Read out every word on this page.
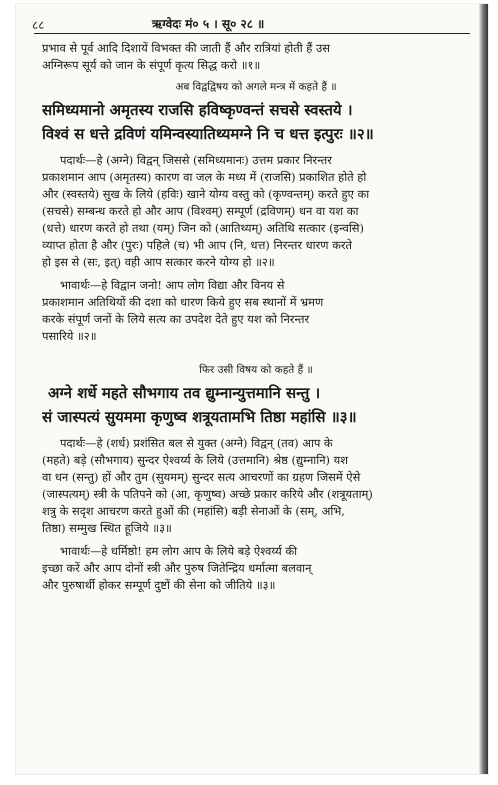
८८	ऋग्वेदः मं० ५ । सू० २८ ॥
प्रभाव से पूर्व आदि दिशायें विभक्त की जाती हैं और रात्रियां होती हैं उस
अग्निरूप सूर्य को जान के संपूर्ण कृत्य सिद्ध करो ॥१॥
अब विद्वद्विषय को अगले मन्त्र में कहते हैं ॥
समिध्यमानो अमृतस्य राजसि हविष्कृण्वन्तं सचसे स्वस्तये ।
विश्वं स धत्ते द्रविणं यमिन्वस्यातिथ्यमग्ने नि च धत्त इत्पुरः ॥२॥
पदार्थः—हे (अग्ने) विद्वन् जिससे (समिध्यमानः) उत्तम प्रकार निरन्तर
प्रकाशमान आप (अमृतस्य) कारण वा जल के मध्य में (राजसि) प्रकाशित होते हो
और (स्वस्तये) सुख के लिये (हविः) खाने योग्य वस्तु को (कृण्वन्तम्) करते हुए का
(सचसे) सम्बन्ध करते हो और आप (विश्वम्) सम्पूर्ण (द्रविणम्) धन वा यश का
(धत्ते) धारण करते हो तथा (यम्) जिन को (आतिथ्यम्) अतिथि सत्कार (इन्वसि)
व्याप्त होता है और (पुरः) पहिले (च) भी आप (नि, धत्त) निरन्तर धारण करते
हो इस से (सः, इत्) वही आप सत्कार करने योग्य हो ॥२॥
भावार्थः—हे विद्वान जनो! आप लोग विद्या और विनय से
प्रकाशमान अतिथियों की दशा को धारण किये हुए सब स्थानों में भ्रमण
करके संपूर्ण जनों के लिये सत्य का उपदेश देते हुए यश को निरन्तर
पसारिये ॥२॥
फिर उसी विषय को कहते हैं ॥
अग्ने शर्धे महते सौभगाय तव द्युम्नान्युत्तमानि सन्तु ।
सं जास्पत्यं सुयममा कृणुष्व शत्रूयतामभि तिष्ठा महांसि ॥३॥
पदार्थः—हे (शर्ध) प्रशंसित बल से युक्त (अग्ने) विद्वन् (तव) आप के
(महते) बड़े (सौभगाय) सुन्दर ऐश्वर्य्य के लिये (उत्तमानि) श्रेष्ठ (द्युम्नानि) यश
वा धन (सन्तु) हों और तुम (सुयमम्) सुन्दर सत्य आचरणों का ग्रहण जिसमें ऐसे
(जास्पत्यम्) स्त्री के पतिपने को (आ, कृणुष्व) अच्छे प्रकार करिये और (शत्रूयताम्)
शत्रु के सदृश आचरण करते हुओं की (महांसि) बड़ी सेनाओं के (सम्, अभि,
तिष्ठा) सम्मुख स्थित हूजिये ॥३॥
भावार्थः—हे धर्मिष्ठो! हम लोग आप के लिये बड़े ऐश्वर्य्य की
इच्छा करें और आप दोनों स्त्री और पुरुष जितेन्द्रिय धर्मात्मा बलवान्
और पुरुषार्थी होकर सम्पूर्ण दुष्टों की सेना को जीतिये ॥३॥
